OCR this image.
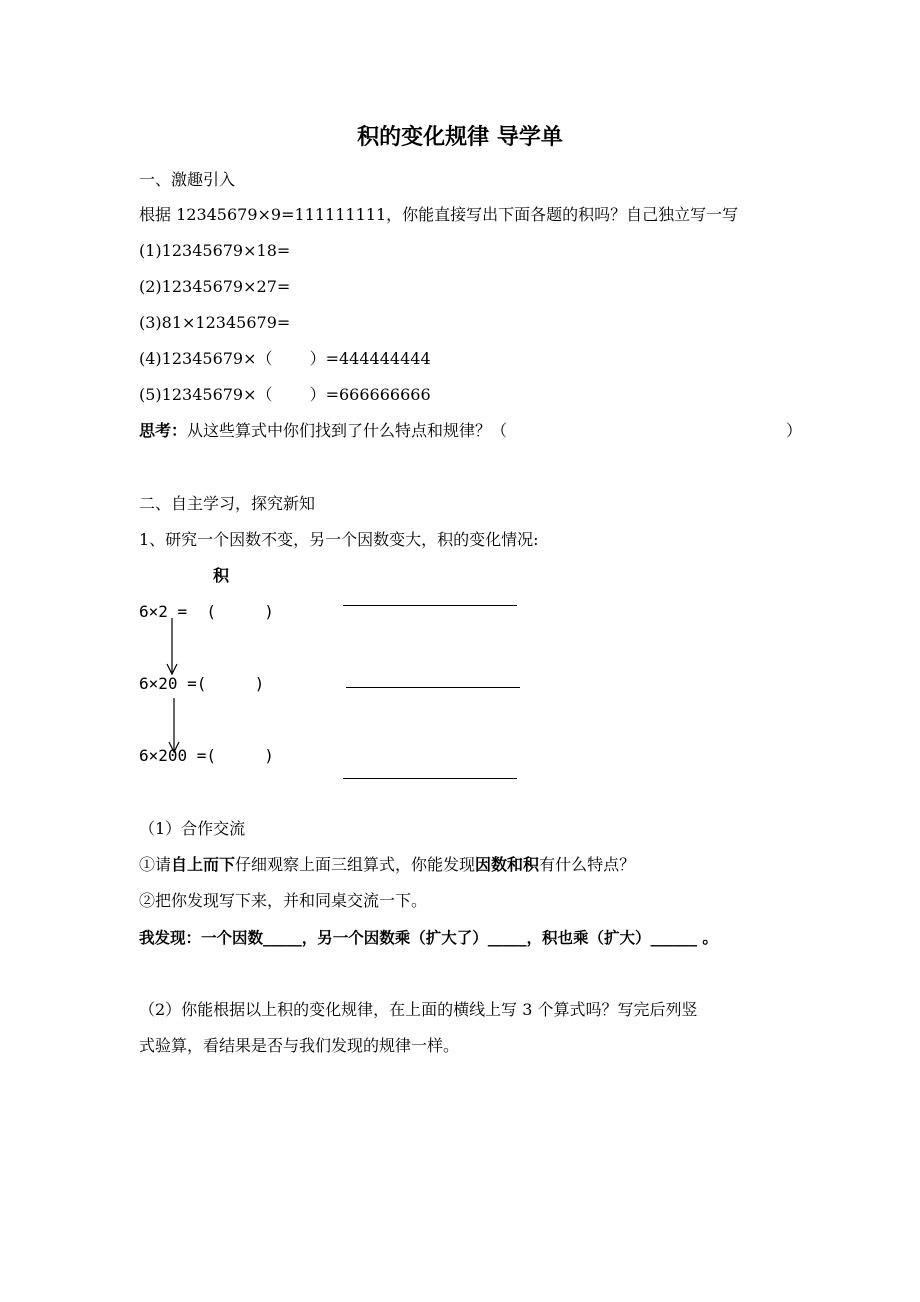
积的变化规律 导学单
一、激趣引入
根据 12345679×9=111111111，你能直接写出下面各题的积吗？自己独立写一写
(1)12345679×18=
(2)12345679×27=
(3)81×12345679=
(4)12345679×（　　 ）=444444444
(5)12345679×（　　 ）=666666666
思考：从这些算式中你们找到了什么特点和规律？（	）
二、自主学习，探究新知
1、研究一个因数不变，另一个因数变大，积的变化情况:
积
6×2 =  (     )
6×20 =(     )
6×200 =(     )
（1）合作交流
①请自上而下仔细观察上面三组算式，你能发现因数和积有什么特点？
②把你发现写下来，并和同桌交流一下。
我发现：一个因数_____，另一个因数乘（扩大了）_____，积也乘（扩大）______ 。
（2）你能根据以上积的变化规律，在上面的横线上写 3 个算式吗？写完后列竖
式验算，看结果是否与我们发现的规律一样。
